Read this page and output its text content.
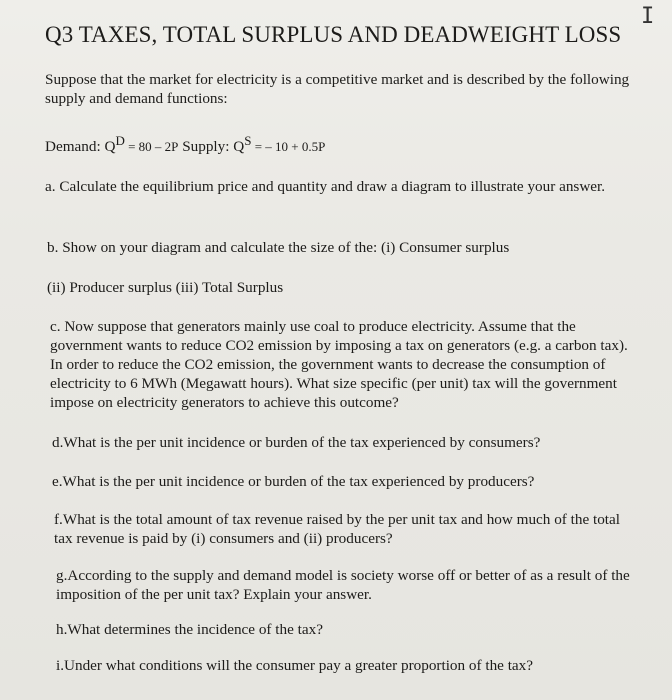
I
Q3 TAXES, TOTAL SURPLUS AND DEADWEIGHT LOSS

Suppose that the market for electricity is a competitive market and is described by the following supply and demand functions:

Demand: $Q^D = 80 - 2P$ Supply: $Q^S$ = – 10 + 0.5P

a. Calculate the equilibrium price and quantity and draw a diagram to illustrate your answer.

b. Show on your diagram and calculate the size of the: (i) Consumer surplus

(ii) Producer surplus (iii) Total Surplus

c. Now suppose that generators mainly use coal to produce electricity. Assume that the government wants to reduce CO2 emission by imposing a tax on generators (e.g. a carbon tax). In order to reduce the CO2 emission, the government wants to decrease the consumption of electricity to 6 MWh (Megawatt hours). What size specific (per unit) tax will the government impose on electricity generators to achieve this outcome?

d.What is the per unit incidence or burden of the tax experienced by consumers?

e.What is the per unit incidence or burden of the tax experienced by producers?

f.What is the total amount of tax revenue raised by the per unit tax and how much of the total tax revenue is paid by (i) consumers and (ii) producers?

g.According to the supply and demand model is society worse off or better of as a result of the imposition of the per unit tax? Explain your answer.

h.What determines the incidence of the tax?

i.Under what conditions will the consumer pay a greater proportion of the tax?
